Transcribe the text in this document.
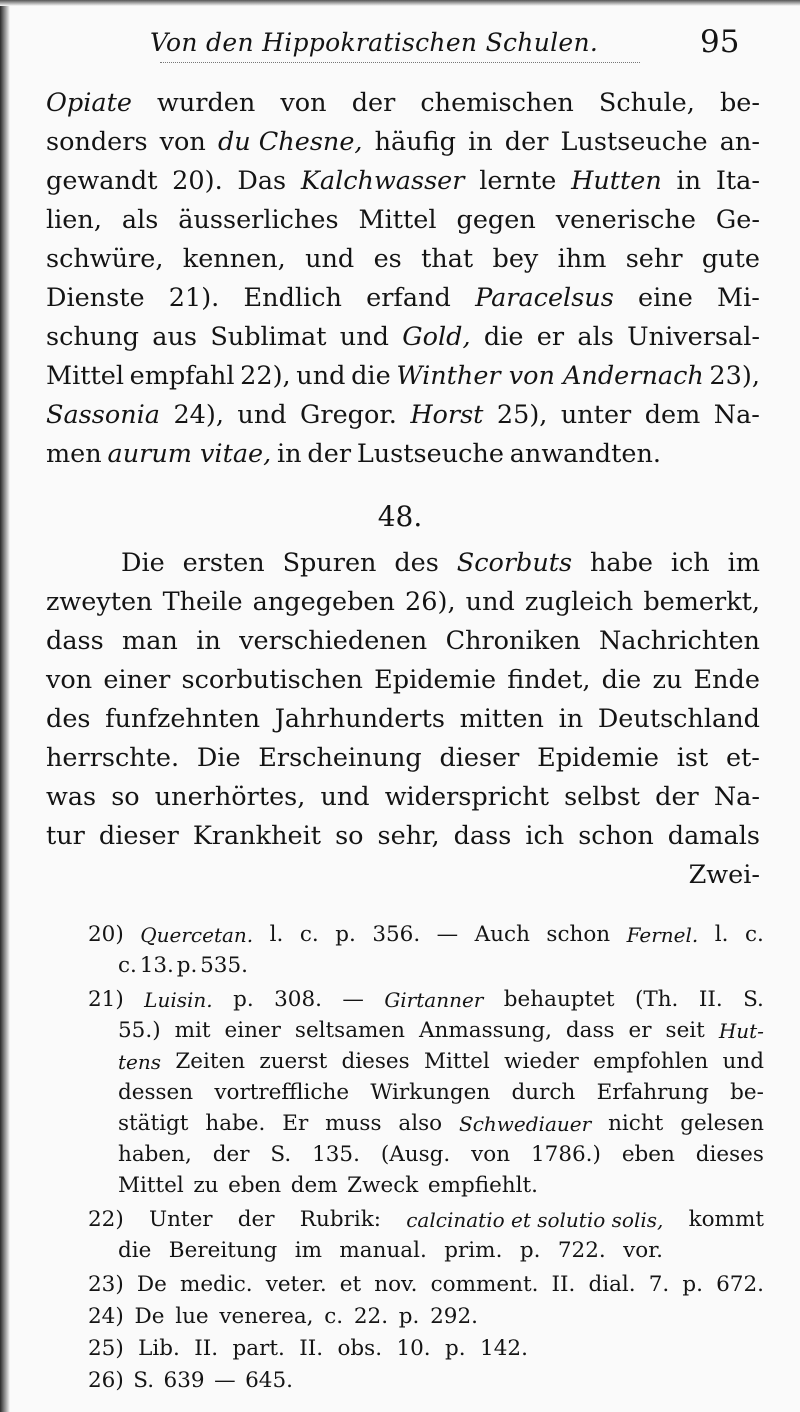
Von den Hippokratischen Schulen.	95
Opiate wurden von der chemischen Schule, be-
sonders von du Chesne, häufig in der Lustseuche an-
gewandt 20). Das Kalchwasser lernte Hutten in Ita-
lien, als äusserliches Mittel gegen venerische Ge-
schwüre, kennen, und es that bey ihm sehr gute
Dienste 21). Endlich erfand Paracelsus eine Mi-
schung aus Sublimat und Gold, die er als Universal-
Mittel empfahl 22), und die Winther von Andernach 23),
Sassonia 24), und Gregor. Horst 25), unter dem Na-
men aurum vitae, in der Lustseuche anwandten.
48.
Die ersten Spuren des Scorbuts habe ich im
zweyten Theile angegeben 26), und zugleich bemerkt,
dass man in verschiedenen Chroniken Nachrichten
von einer scorbutischen Epidemie findet, die zu Ende
des funfzehnten Jahrhunderts mitten in Deutschland
herrschte. Die Erscheinung dieser Epidemie ist et-
was so unerhörtes, und widerspricht selbst der Na-
tur dieser Krankheit so sehr, dass ich schon damals
Zwei-
20) Quercetan. l. c. p. 356. — Auch schon Fernel. l. c.
c. 13. p. 535.
21) Luisin. p. 308. — Girtanner behauptet (Th. II. S.
55.) mit einer seltsamen Anmassung, dass er seit Hut-
tens Zeiten zuerst dieses Mittel wieder empfohlen und
dessen vortreffliche Wirkungen durch Erfahrung be-
stätigt habe. Er muss also Schwediauer nicht gelesen
haben, der S. 135. (Ausg. von 1786.) eben dieses
Mittel zu eben dem Zweck empfiehlt.
22) Unter der Rubrik: calcinatio et solutio solis, kommt
die Bereitung im manual. prim. p. 722. vor.
23) De medic. veter. et nov. comment. II. dial. 7. p. 672.
24) De lue venerea, c. 22. p. 292.
25) Lib. II. part. II. obs. 10. p. 142.
26) S. 639 — 645.
